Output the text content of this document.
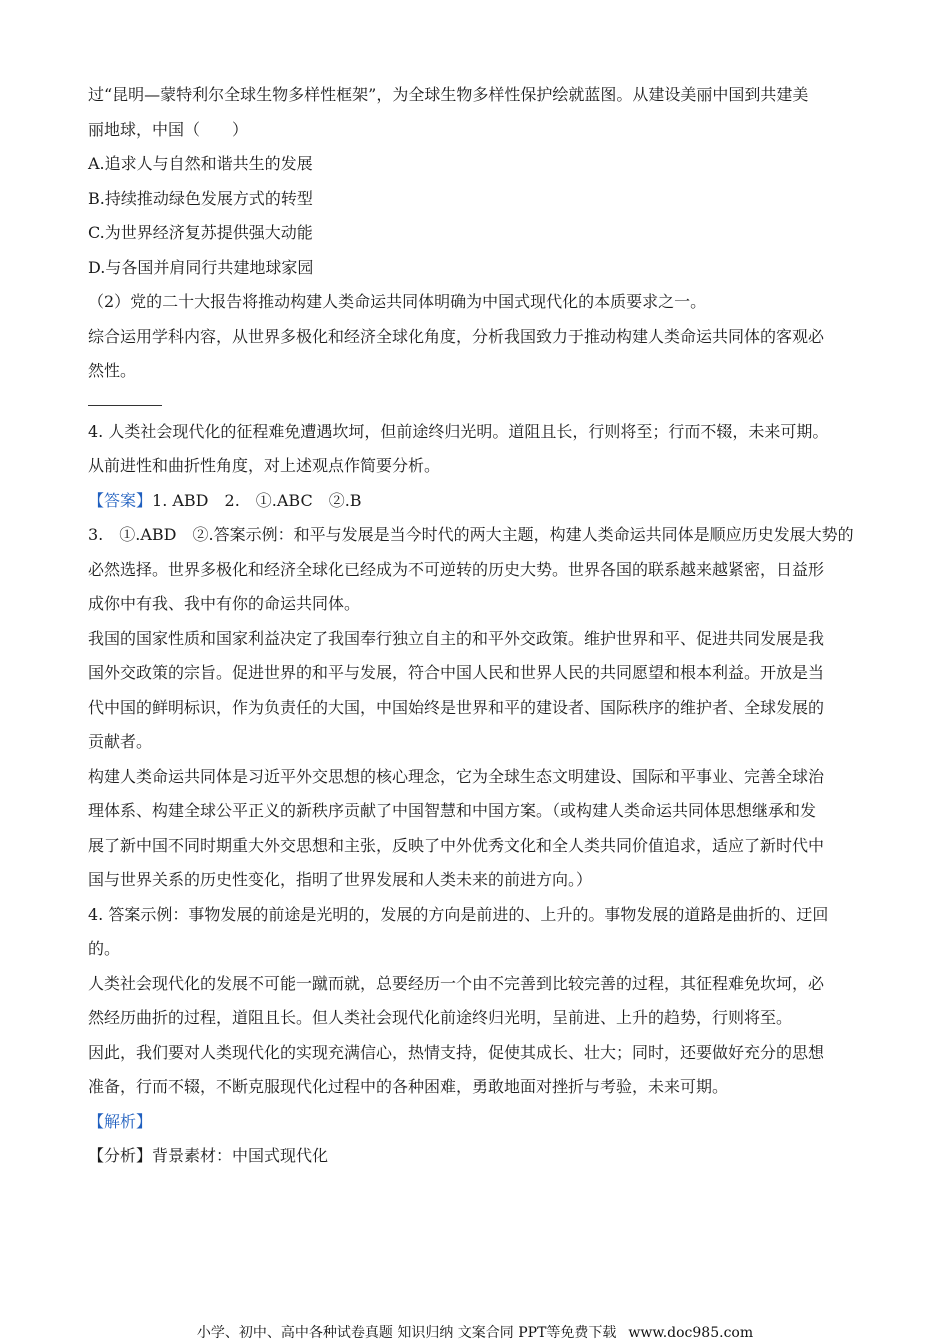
过“昆明—蒙特利尔全球生物多样性框架”，为全球生物多样性保护绘就蓝图。从建设美丽中国到共建美

丽地球，中国（　　）

A.追求人与自然和谐共生的发展

B.持续推动绿色发展方式的转型

C.为世界经济复苏提供强大动能

D.与各国并肩同行共建地球家园

（2）党的二十大报告将推动构建人类命运共同体明确为中国式现代化的本质要求之一。

综合运用学科内容，从世界多极化和经济全球化角度，分析我国致力于推动构建人类命运共同体的客观必

然性。

4. 人类社会现代化的征程难免遭遇坎坷，但前途终归光明。道阻且长，行则将至；行而不辍，未来可期。

从前进性和曲折性角度，对上述观点作简要分析。

【答案】1. ABD　2.　①.ABC　②.B

3.　①.ABD　②.答案示例：和平与发展是当今时代的两大主题，构建人类命运共同体是顺应历史发展大势的

必然选择。世界多极化和经济全球化已经成为不可逆转的历史大势。世界各国的联系越来越紧密，日益形

成你中有我、我中有你的命运共同体。

我国的国家性质和国家利益决定了我国奉行独立自主的和平外交政策。维护世界和平、促进共同发展是我

国外交政策的宗旨。促进世界的和平与发展，符合中国人民和世界人民的共同愿望和根本利益。开放是当

代中国的鲜明标识，作为负责任的大国，中国始终是世界和平的建设者、国际秩序的维护者、全球发展的

贡献者。

构建人类命运共同体是习近平外交思想的核心理念，它为全球生态文明建设、国际和平事业、完善全球治

理体系、构建全球公平正义的新秩序贡献了中国智慧和中国方案。（或构建人类命运共同体思想继承和发

展了新中国不同时期重大外交思想和主张，反映了中外优秀文化和全人类共同价值追求，适应了新时代中

国与世界关系的历史性变化，指明了世界发展和人类未来的前进方向。）

4. 答案示例：事物发展的前途是光明的，发展的方向是前进的、上升的。事物发展的道路是曲折的、迂回

的。

人类社会现代化的发展不可能一蹴而就，总要经历一个由不完善到比较完善的过程，其征程难免坎坷，必

然经历曲折的过程，道阻且长。但人类社会现代化前途终归光明，呈前进、上升的趋势，行则将至。

因此，我们要对人类现代化的实现充满信心，热情支持，促使其成长、壮大；同时，还要做好充分的思想

准备，行而不辍，不断克服现代化过程中的各种困难，勇敢地面对挫折与考验，未来可期。

【解析】

【分析】背景素材：中国式现代化

小学、初中、高中各种试卷真题 知识归纳 文案合同 PPT等免费下载 www.doc985.com
